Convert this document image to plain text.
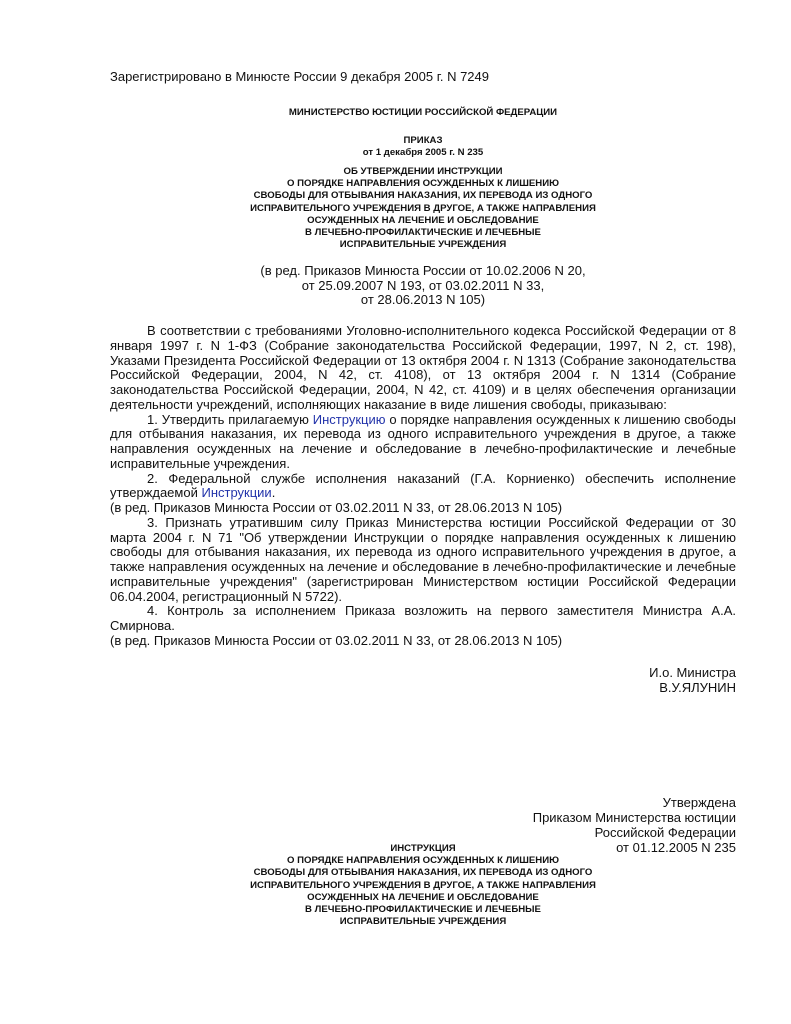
Зарегистрировано в Минюсте России 9 декабря 2005 г. N 7249
МИНИСТЕРСТВО ЮСТИЦИИ РОССИЙСКОЙ ФЕДЕРАЦИИ
ПРИКАЗ
от 1 декабря 2005 г. N 235
ОБ УТВЕРЖДЕНИИ ИНСТРУКЦИИ
О ПОРЯДКЕ НАПРАВЛЕНИЯ ОСУЖДЕННЫХ К ЛИШЕНИЮ
СВОБОДЫ ДЛЯ ОТБЫВАНИЯ НАКАЗАНИЯ, ИХ ПЕРЕВОДА ИЗ ОДНОГО
ИСПРАВИТЕЛЬНОГО УЧРЕЖДЕНИЯ В ДРУГОЕ, А ТАКЖЕ НАПРАВЛЕНИЯ
ОСУЖДЕННЫХ НА ЛЕЧЕНИЕ И ОБСЛЕДОВАНИЕ
В ЛЕЧЕБНО-ПРОФИЛАКТИЧЕСКИЕ И ЛЕЧЕБНЫЕ
ИСПРАВИТЕЛЬНЫЕ УЧРЕЖДЕНИЯ
(в ред. Приказов Минюста России от 10.02.2006 N 20,
от 25.09.2007 N 193, от 03.02.2011 N 33,
от 28.06.2013 N 105)

В соответствии с требованиями Уголовно-исполнительного кодекса Российской Федерации от 8 января 1997 г. N 1-ФЗ (Собрание законодательства Российской Федерации, 1997, N 2, ст. 198), Указами Президента Российской Федерации от 13 октября 2004 г. N 1313 (Собрание законодательства Российской Федерации, 2004, N 42, ст. 4108), от 13 октября 2004 г. N 1314 (Собрание законодательства Российской Федерации, 2004, N 42, ст. 4109) и в целях обеспечения организации деятельности учреждений, исполняющих наказание в виде лишения свободы, приказываю:

1. Утвердить прилагаемую Инструкцию о порядке направления осужденных к лишению свободы для отбывания наказания, их перевода из одного исправительного учреждения в другое, а также направления осужденных на лечение и обследование в лечебно-профилактические и лечебные исправительные учреждения.

2. Федеральной службе исполнения наказаний (Г.А. Корниенко) обеспечить исполнение утверждаемой Инструкции.

(в ред. Приказов Минюста России от 03.02.2011 N 33, от 28.06.2013 N 105)

3. Признать утратившим силу Приказ Министерства юстиции Российской Федерации от 30 марта 2004 г. N 71 "Об утверждении Инструкции о порядке направления осужденных к лишению свободы для отбывания наказания, их перевода из одного исправительного учреждения в другое, а также направления осужденных на лечение и обследование в лечебно-профилактические и лечебные исправительные учреждения" (зарегистрирован Министерством юстиции Российской Федерации 06.04.2004, регистрационный N 5722).

4. Контроль за исполнением Приказа возложить на первого заместителя Министра А.А. Смирнова.

(в ред. Приказов Минюста России от 03.02.2011 N 33, от 28.06.2013 N 105)

И.о. Министра
В.У.ЯЛУНИН
Утверждена
Приказом Министерства юстиции
Российской Федерации
от 01.12.2005 N 235
ИНСТРУКЦИЯ
О ПОРЯДКЕ НАПРАВЛЕНИЯ ОСУЖДЕННЫХ К ЛИШЕНИЮ
СВОБОДЫ ДЛЯ ОТБЫВАНИЯ НАКАЗАНИЯ, ИХ ПЕРЕВОДА ИЗ ОДНОГО
ИСПРАВИТЕЛЬНОГО УЧРЕЖДЕНИЯ В ДРУГОЕ, А ТАКЖЕ НАПРАВЛЕНИЯ
ОСУЖДЕННЫХ НА ЛЕЧЕНИЕ И ОБСЛЕДОВАНИЕ
В ЛЕЧЕБНО-ПРОФИЛАКТИЧЕСКИЕ И ЛЕЧЕБНЫЕ
ИСПРАВИТЕЛЬНЫЕ УЧРЕЖДЕНИЯ
